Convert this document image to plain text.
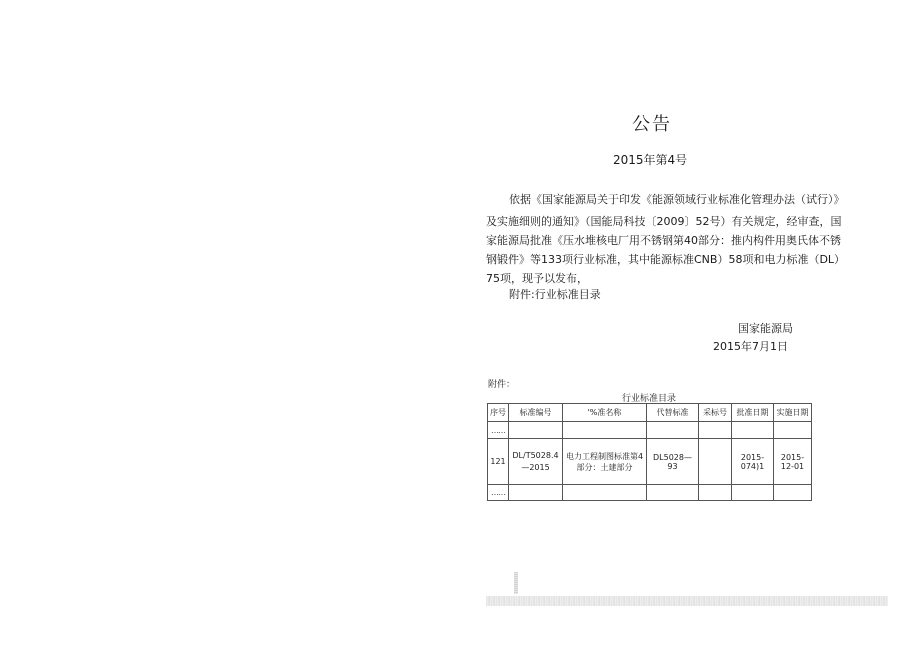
公告
2015年第4号
依据《国家能源局关于印发《能源领域行业标准化管理办法（试行）》
及实施细则的通知》（国能局科技〔2009〕52号）有关规定，经审查，国
家能源局批准《压水堆核电厂用不锈钢第40部分：推内构件用奥氏体不锈
钢锻件》等133项行业标准，其中能源标准CNB）58项和电力标准（DL）
75项，现予以发布，
附件:行业标准目录
国家能源局
2015年7月1日
附件：
行业标准目录
序号	标准编号	'%准名称	代替标准	采标号	批准日期	实施日期
……						
121	DL/T5028.4—2015	电力工程制图标准第4部分：土建部分	DL5028—93		2015-074)1	2015-12-01
……						
